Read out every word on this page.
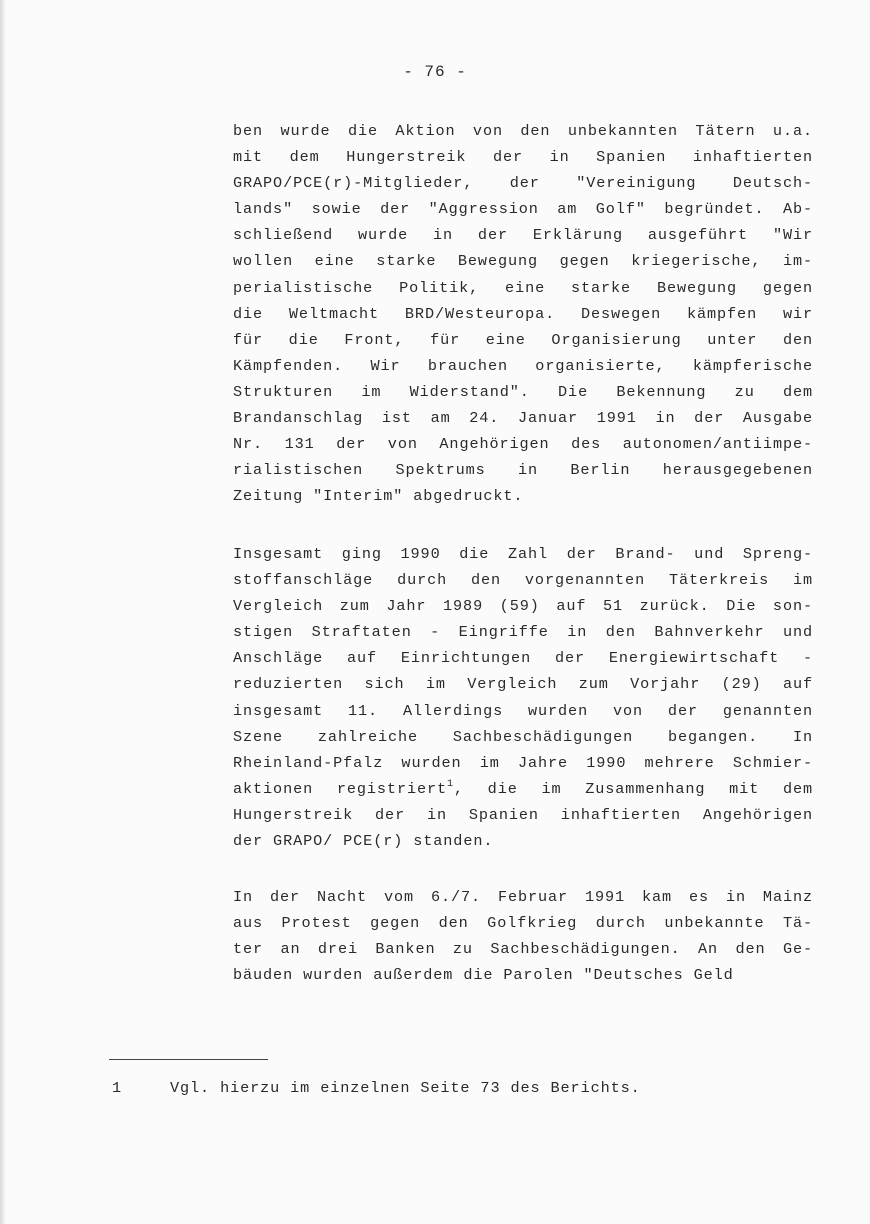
- 76 -
ben wurde die Aktion von den unbekannten Tätern u.a.
mit dem Hungerstreik der in Spanien inhaftierten
GRAPO/PCE(r)-Mitglieder, der "Vereinigung Deutsch-
lands" sowie der "Aggression am Golf" begründet. Ab-
schließend wurde in der Erklärung ausgeführt "Wir
wollen eine starke Bewegung gegen kriegerische, im-
perialistische Politik, eine starke Bewegung gegen
die Weltmacht BRD/Westeuropa. Deswegen kämpfen wir
für die Front, für eine Organisierung unter den
Kämpfenden. Wir brauchen organisierte, kämpferische
Strukturen im Widerstand". Die Bekennung zu dem
Brandanschlag ist am 24. Januar 1991 in der Ausgabe
Nr. 131 der von Angehörigen des autonomen/antiimpe-
rialistischen Spektrums in Berlin herausgegebenen
Zeitung "Interim" abgedruckt.
Insgesamt ging 1990 die Zahl der Brand- und Spreng-
stoffanschläge durch den vorgenannten Täterkreis im
Vergleich zum Jahr 1989 (59) auf 51 zurück. Die son-
stigen Straftaten - Eingriffe in den Bahnverkehr und
Anschläge auf Einrichtungen der Energiewirtschaft -
reduzierten sich im Vergleich zum Vorjahr (29) auf
insgesamt 11. Allerdings wurden von der genannten
Szene zahlreiche Sachbeschädigungen begangen. In
Rheinland-Pfalz wurden im Jahre 1990 mehrere Schmier-
aktionen registriert$^1$, die im Zusammenhang mit dem
Hungerstreik der in Spanien inhaftierten Angehörigen
der GRAPO/ PCE(r) standen.
In der Nacht vom 6./7. Februar 1991 kam es in Mainz
aus Protest gegen den Golfkrieg durch unbekannte Tä-
ter an drei Banken zu Sachbeschädigungen. An den Ge-
bäuden wurden außerdem die Parolen "Deutsches Geld
1	Vgl. hierzu im einzelnen Seite 73 des Berichts.
